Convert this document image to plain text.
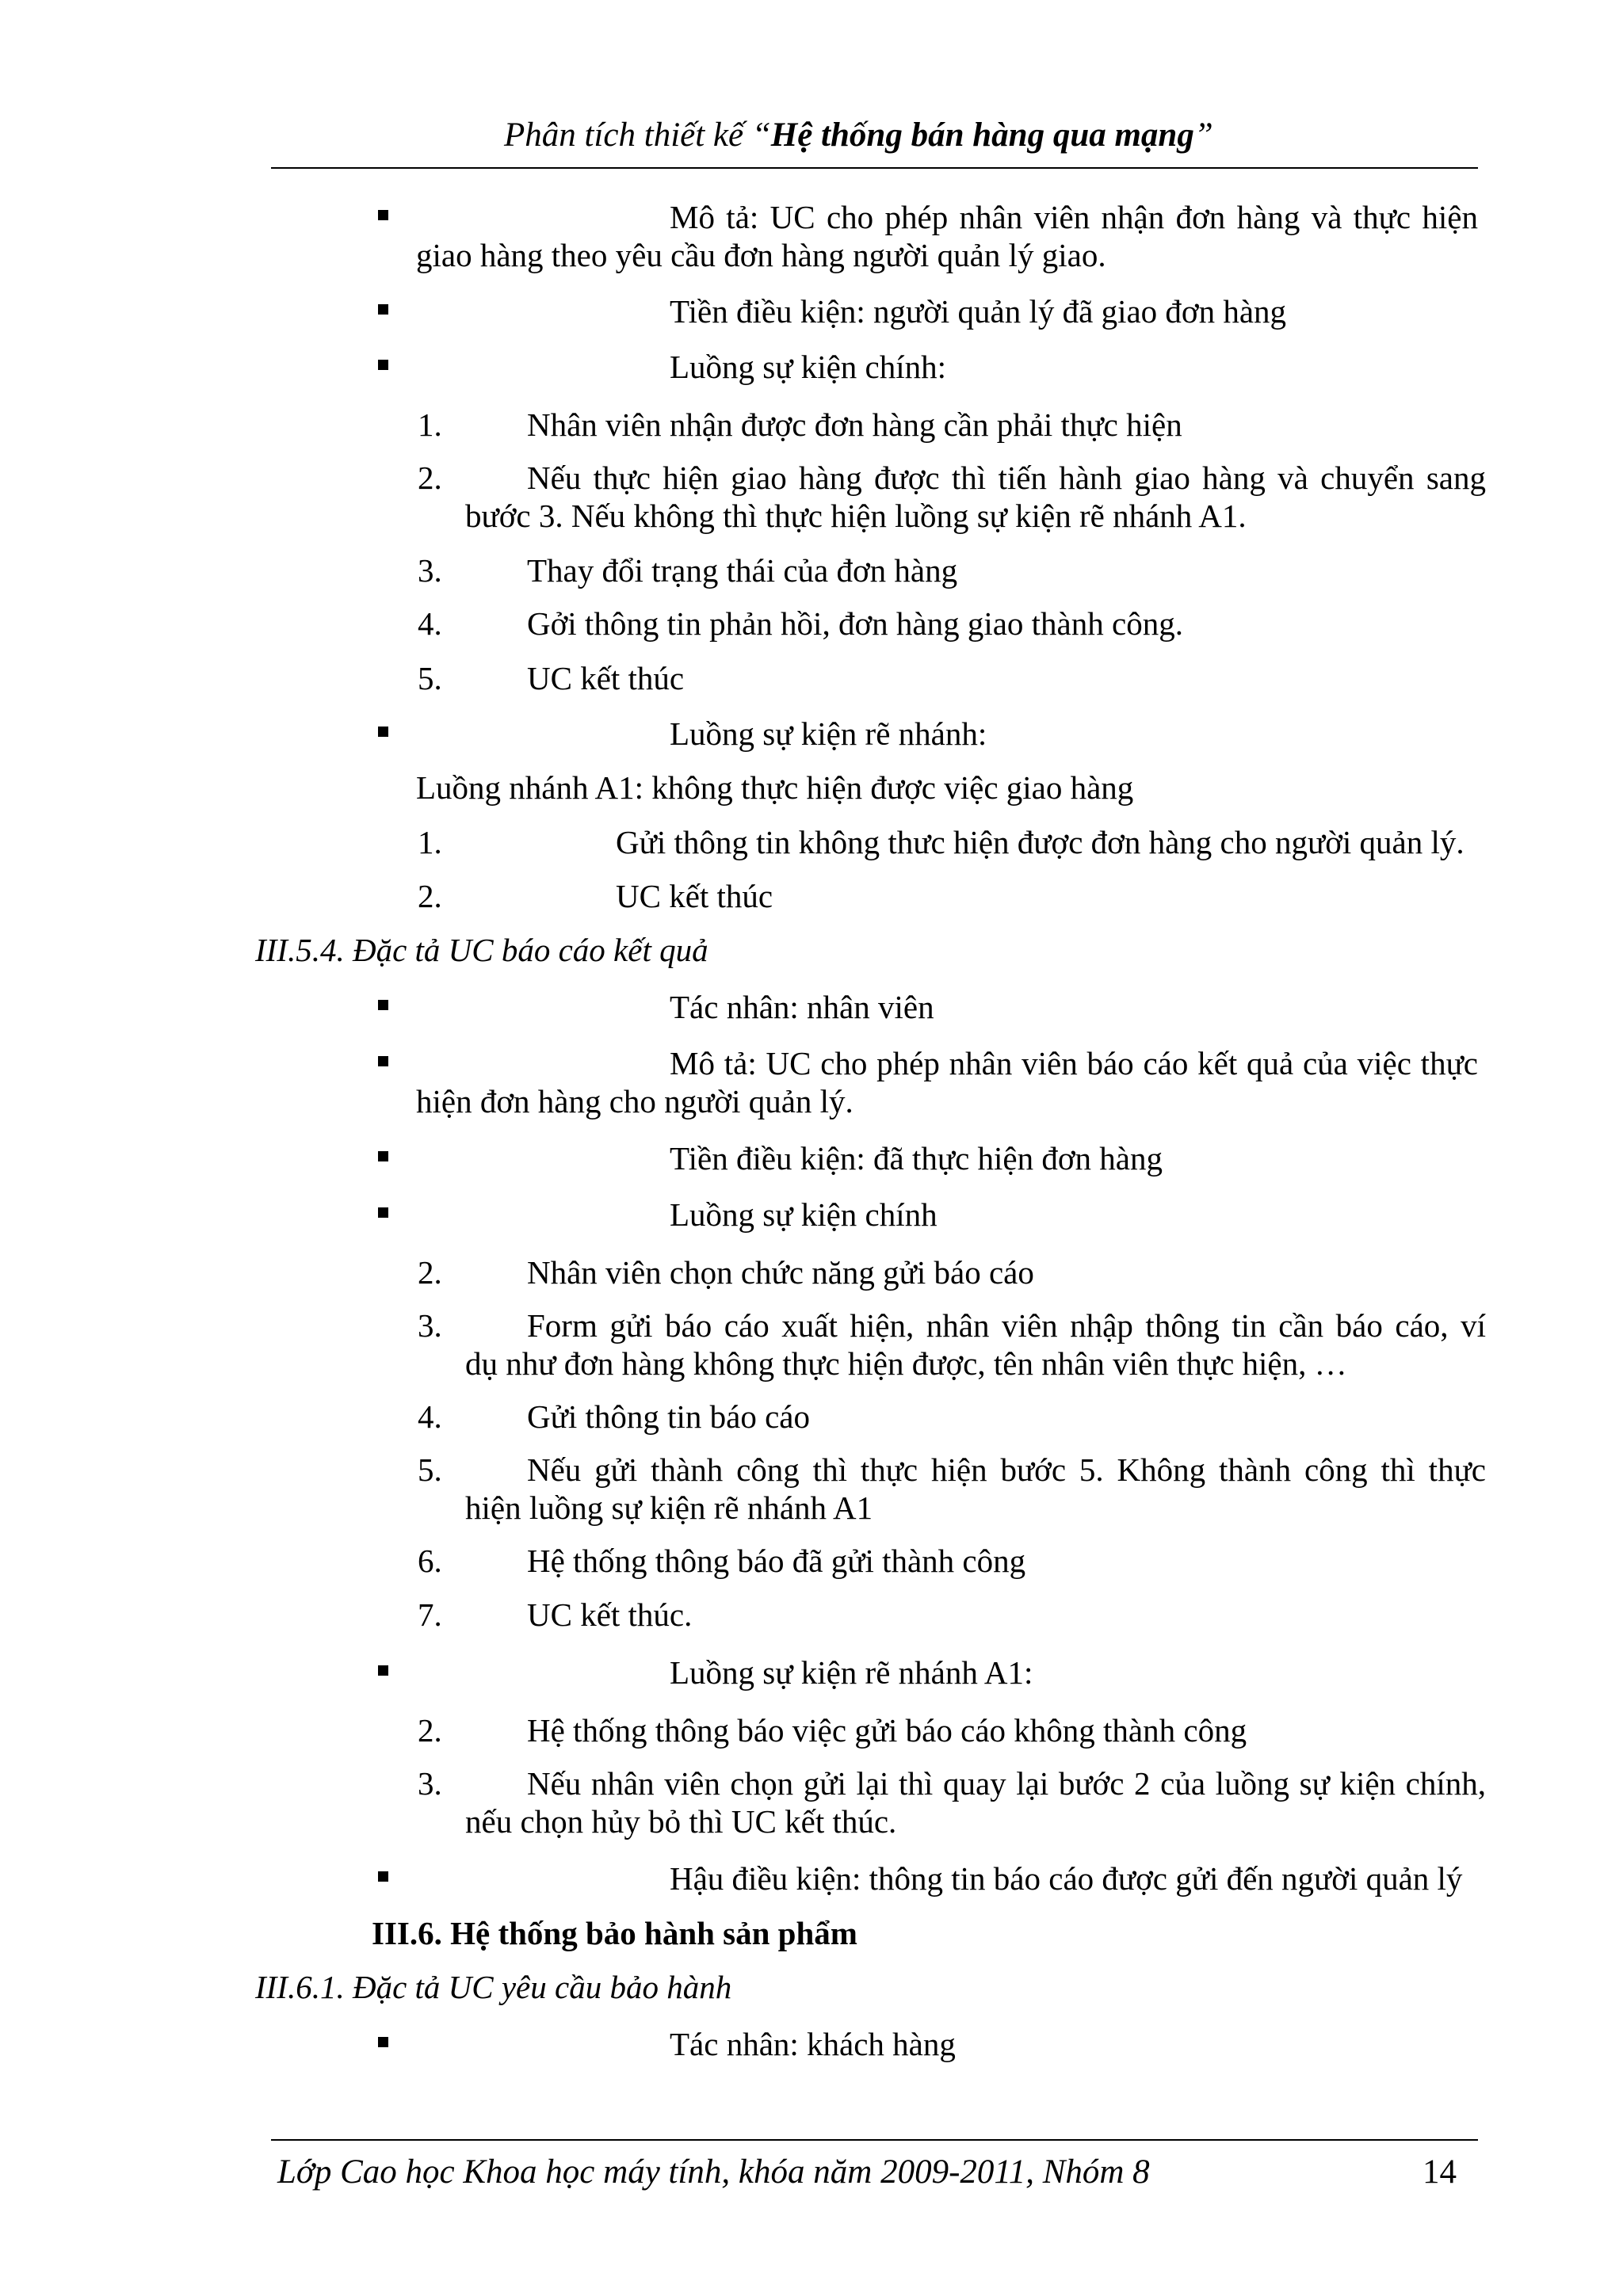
Phân tích thiết kế “Hệ thống bán hàng qua mạng”
Mô tả: UC cho phép nhân viên nhận đơn hàng và thực hiện
giao hàng theo yêu cầu đơn hàng người quản lý giao.
Tiền điều kiện: người quản lý đã giao đơn hàng
Luồng sự kiện chính:
1.	Nhân viên nhận được đơn hàng cần phải thực hiện
2.	Nếu thực hiện giao hàng được thì tiến hành giao hàng và chuyển sang
bước 3. Nếu không thì thực hiện luồng sự kiện rẽ nhánh A1.
3.	Thay đổi trạng thái của đơn hàng
4.	Gởi thông tin phản hồi, đơn hàng giao thành công.
5.	UC kết thúc
Luồng sự kiện rẽ nhánh:
Luồng nhánh A1: không thực hiện được việc giao hàng
1.	Gửi thông tin không thưc hiện được đơn hàng cho người quản lý.
2.	UC kết thúc
III.5.4. Đặc tả UC báo cáo kết quả
Tác nhân: nhân viên
Mô tả: UC cho phép nhân viên báo cáo kết quả của việc thực
hiện đơn hàng cho người quản lý.
Tiền điều kiện: đã thực hiện đơn hàng
Luồng sự kiện chính
2.	Nhân viên chọn chức năng gửi báo cáo
3.	Form gửi báo cáo xuất hiện, nhân viên nhập thông tin cần báo cáo, ví
dụ như đơn hàng không thực hiện được, tên nhân viên thực hiện, …
4.	Gửi thông tin báo cáo
5.	Nếu gửi thành công thì thực hiện bước 5. Không thành công thì thực
hiện luồng sự kiện rẽ nhánh A1
6.	Hệ thống thông báo đã gửi thành công
7.	UC kết thúc.
Luồng sự kiện rẽ nhánh A1:
2.	Hệ thống thông báo việc gửi báo cáo không thành công
3.	Nếu nhân viên chọn gửi lại thì quay lại bước 2 của luồng sự kiện chính,
nếu chọn hủy bỏ thì UC kết thúc.
Hậu điều kiện: thông tin báo cáo được gửi đến người quản lý
III.6. Hệ thống bảo hành sản phẩm
III.6.1. Đặc tả UC yêu cầu bảo hành
Tác nhân: khách hàng
Lớp Cao học Khoa học máy tính, khóa năm 2009-2011, Nhóm 8	14
